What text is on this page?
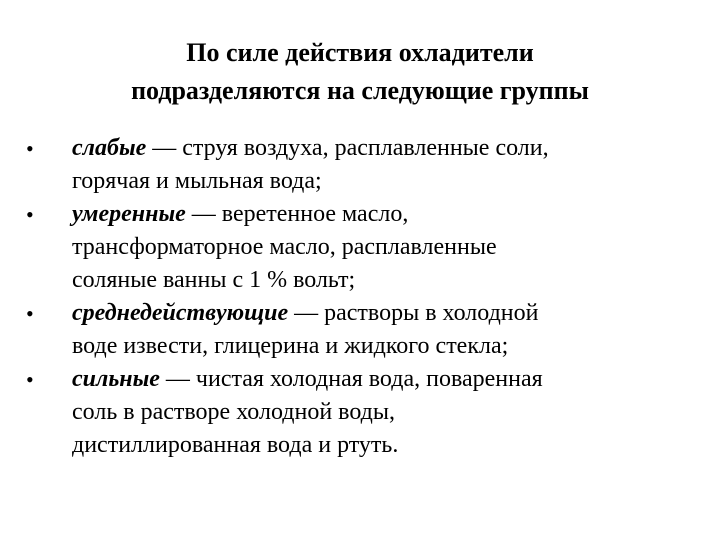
По силе действия охладители
подразделяются на следующие группы
• слабые — струя воздуха, расплавленные соли,
горячая и мыльная вода;
• умеренные — веретенное масло,
трансформаторное масло, расплавленные
соляные ванны с 1 % вольт;
• среднедействующие — растворы в холодной
воде извести, глицерина и жидкого стекла;
• сильные — чистая холодная вода, поваренная
соль в растворе холодной воды,
дистиллированная вода и ртуть.
